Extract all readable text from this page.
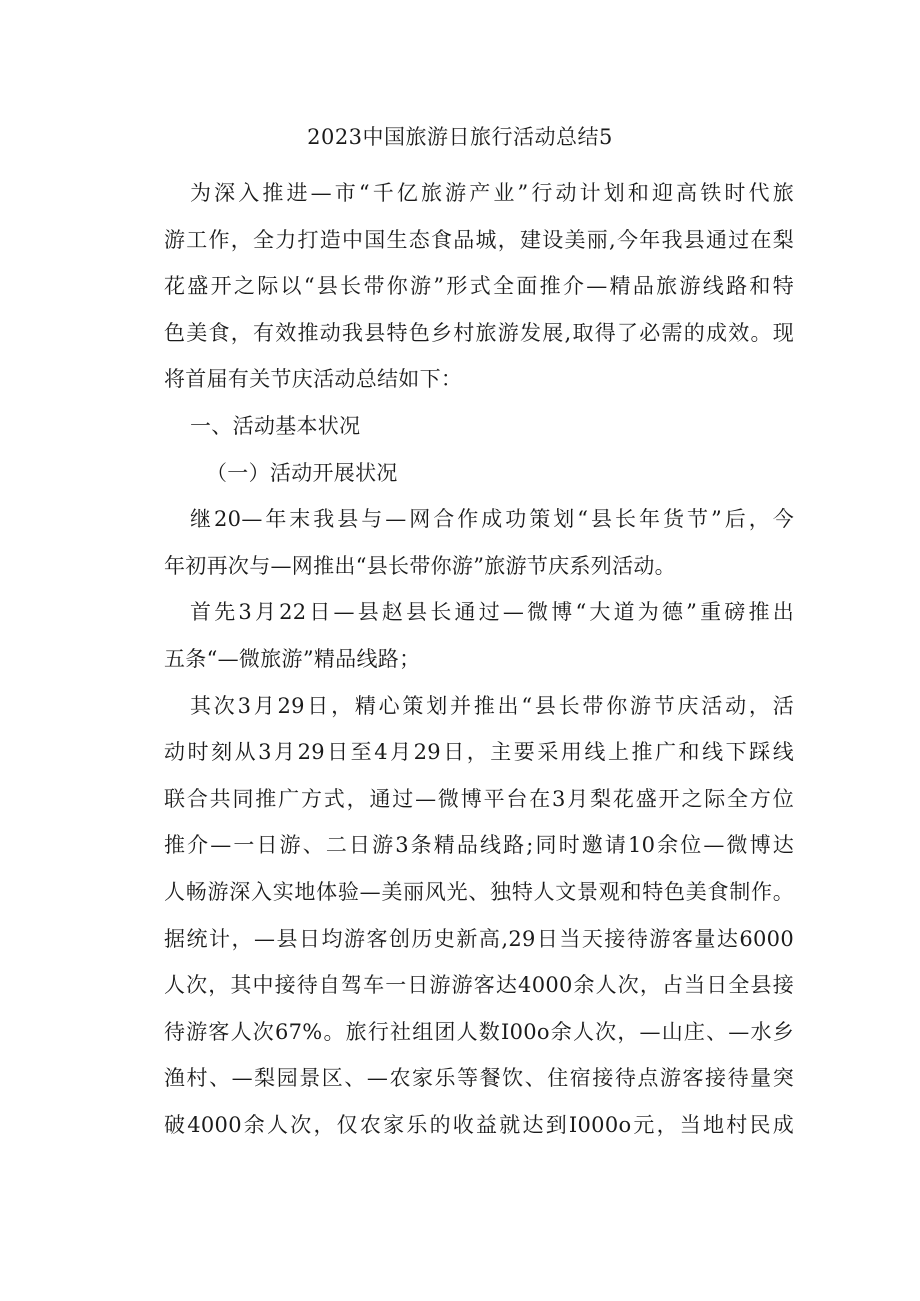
2023中国旅游日旅行活动总结5
为深入推进—市“千亿旅游产业”行动计划和迎高铁时代旅
游工作，全力打造中国生态食品城，建设美丽,今年我县通过在梨
花盛开之际以“县长带你游”形式全面推介—精品旅游线路和特
色美食，有效推动我县特色乡村旅游发展,取得了必需的成效。现
将首届有关节庆活动总结如下：
一、活动基本状况
（一）活动开展状况
继20—年末我县与—网合作成功策划“县长年货节”后，今
年初再次与—网推出“县长带你游”旅游节庆系列活动。
首先3月22日—县赵县长通过—微博“大道为德”重磅推出
五条“—微旅游”精品线路；
其次3月29日，精心策划并推出“县长带你游节庆活动，活
动时刻从3月29日至4月29日，主要采用线上推广和线下踩线
联合共同推广方式，通过—微博平台在3月梨花盛开之际全方位
推介—一日游、二日游3条精品线路;同时邀请10余位—微博达
人畅游深入实地体验—美丽风光、独特人文景观和特色美食制作。
据统计，—县日均游客创历史新高,29日当天接待游客量达6000
人次，其中接待自驾车一日游游客达4000余人次，占当日全县接
待游客人次67%。旅行社组团人数I00o余人次，—山庄、—水乡
渔村、—梨园景区、—农家乐等餐饮、住宿接待点游客接待量突
破4000余人次，仅农家乐的收益就达到I000o元，当地村民成
